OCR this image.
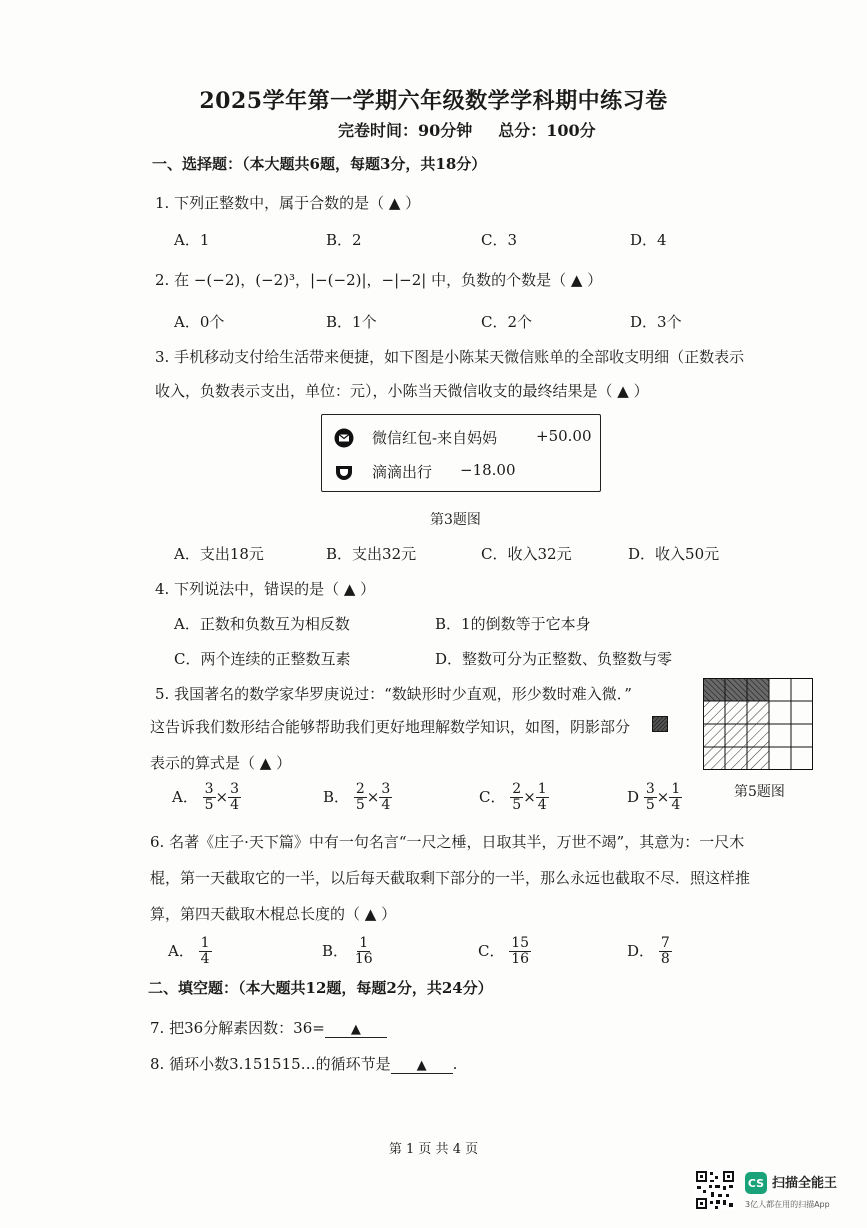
2025学年第一学期六年级数学学科期中练习卷
完卷时间：90分钟 总分：100分
一、选择题：（本大题共6题，每题3分，共18分）
1. 下列正整数中，属于合数的是（ ▲ ）
A．1	B．2	C．3	D．4
2. 在 −(−2)，(−2)³，|−(−2)|，−|−2| 中，负数的个数是（ ▲ ）
A．0个	B．1个	C．2个	D．3个
3. 手机移动支付给生活带来便捷，如下图是小陈某天微信账单的全部收支明细（正数表示
收入，负数表示支出，单位：元），小陈当天微信收支的最终结果是（ ▲ ）
微信红包-来自妈妈	+50.00
滴滴出行 −18.00
第3题图
A．支出18元	B．支出32元	C．收入32元	D．收入50元
4. 下列说法中，错误的是（ ▲ ）
A．正数和负数互为相反数	B．1的倒数等于它本身
C．两个连续的正整数互素	D．整数可分为正整数、负整数与零
5. 我国著名的数学家华罗庚说过：“数缺形时少直观，形少数时难入微．”
这告诉我们数形结合能够帮助我们更好地理解数学知识，如图，阴影部分
表示的算式是（ ▲ ）
第5题图
A． $\frac{3}{5} \times \frac{3}{4}$	B． $\frac{2}{5} \times \frac{3}{4}$	C． $\frac{2}{5} \times \frac{1}{4}$	D $\frac{3}{5} \times \frac{1}{4}$
6. 名著《庄子·天下篇》中有一句名言“一尺之棰，日取其半，万世不竭”，其意为：一尺木
棍，第一天截取它的一半，以后每天截取剩下部分的一半，那么永远也截取不尽．照这样推
算，第四天截取木棍总长度的（ ▲ ）
A． $\frac{1}{4}$	B． $\frac{1}{16}$	C． $\frac{15}{16}$	D． $\frac{7}{8}$
二、填空题：（本大题共12题，每题2分，共24分）
7. 把36分解素因数：36= ▲
8. 循环小数3.151515…的循环节是 ▲ .
第 1 页 共 4 页
CS 扫描全能王
3亿人都在用的扫描App
